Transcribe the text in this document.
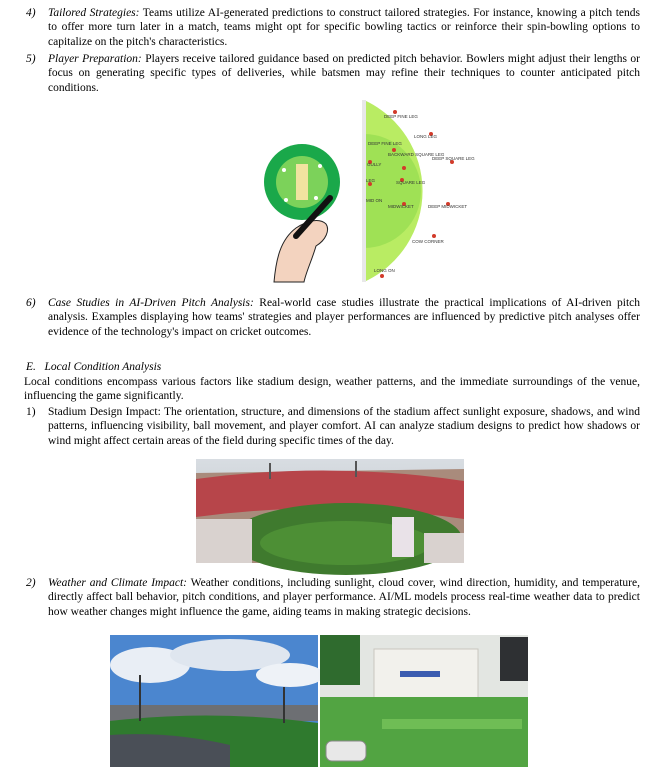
4) Tailored Strategies: Teams utilize AI-generated predictions to construct tailored strategies. For instance, knowing a pitch tends to offer more turn later in a match, teams might opt for specific bowling tactics or reinforce their spin-bowling options to capitalize on the pitch's characteristics.
5) Player Preparation: Players receive tailored guidance based on predicted pitch behavior. Bowlers might adjust their lengths or focus on generating specific types of deliveries, while batsmen may refine their techniques to counter anticipated pitch conditions.
DEEP FINE LEG
LONG LEG
DEEP FINE LEG
BACKWARD SQUARE LEG
DEEP SQUARE LEG
GULLY
SQUARE LEG
DEEP MIDWICKET
MIDWICKET
COW CORNER
LONG ON
MID ON
LEG
6) Case Studies in AI-Driven Pitch Analysis: Real-world case studies illustrate the practical implications of AI-driven pitch analysis. Examples displaying how teams' strategies and player performances are influenced by predictive pitch analyses offer evidence of the technology's impact on cricket outcomes.
E. Local Condition Analysis
Local conditions encompass various factors like stadium design, weather patterns, and the immediate surroundings of the venue, influencing the game significantly.
1) Stadium Design Impact: The orientation, structure, and dimensions of the stadium affect sunlight exposure, shadows, and wind patterns, influencing visibility, ball movement, and player comfort. AI can analyze stadium designs to predict how shadows or wind might affect certain areas of the field during specific times of the day.
2) Weather and Climate Impact: Weather conditions, including sunlight, cloud cover, wind direction, humidity, and temperature, directly affect ball behavior, pitch conditions, and player performance. AI/ML models process real-time weather data to predict how weather changes might influence the game, aiding teams in making strategic decisions.
